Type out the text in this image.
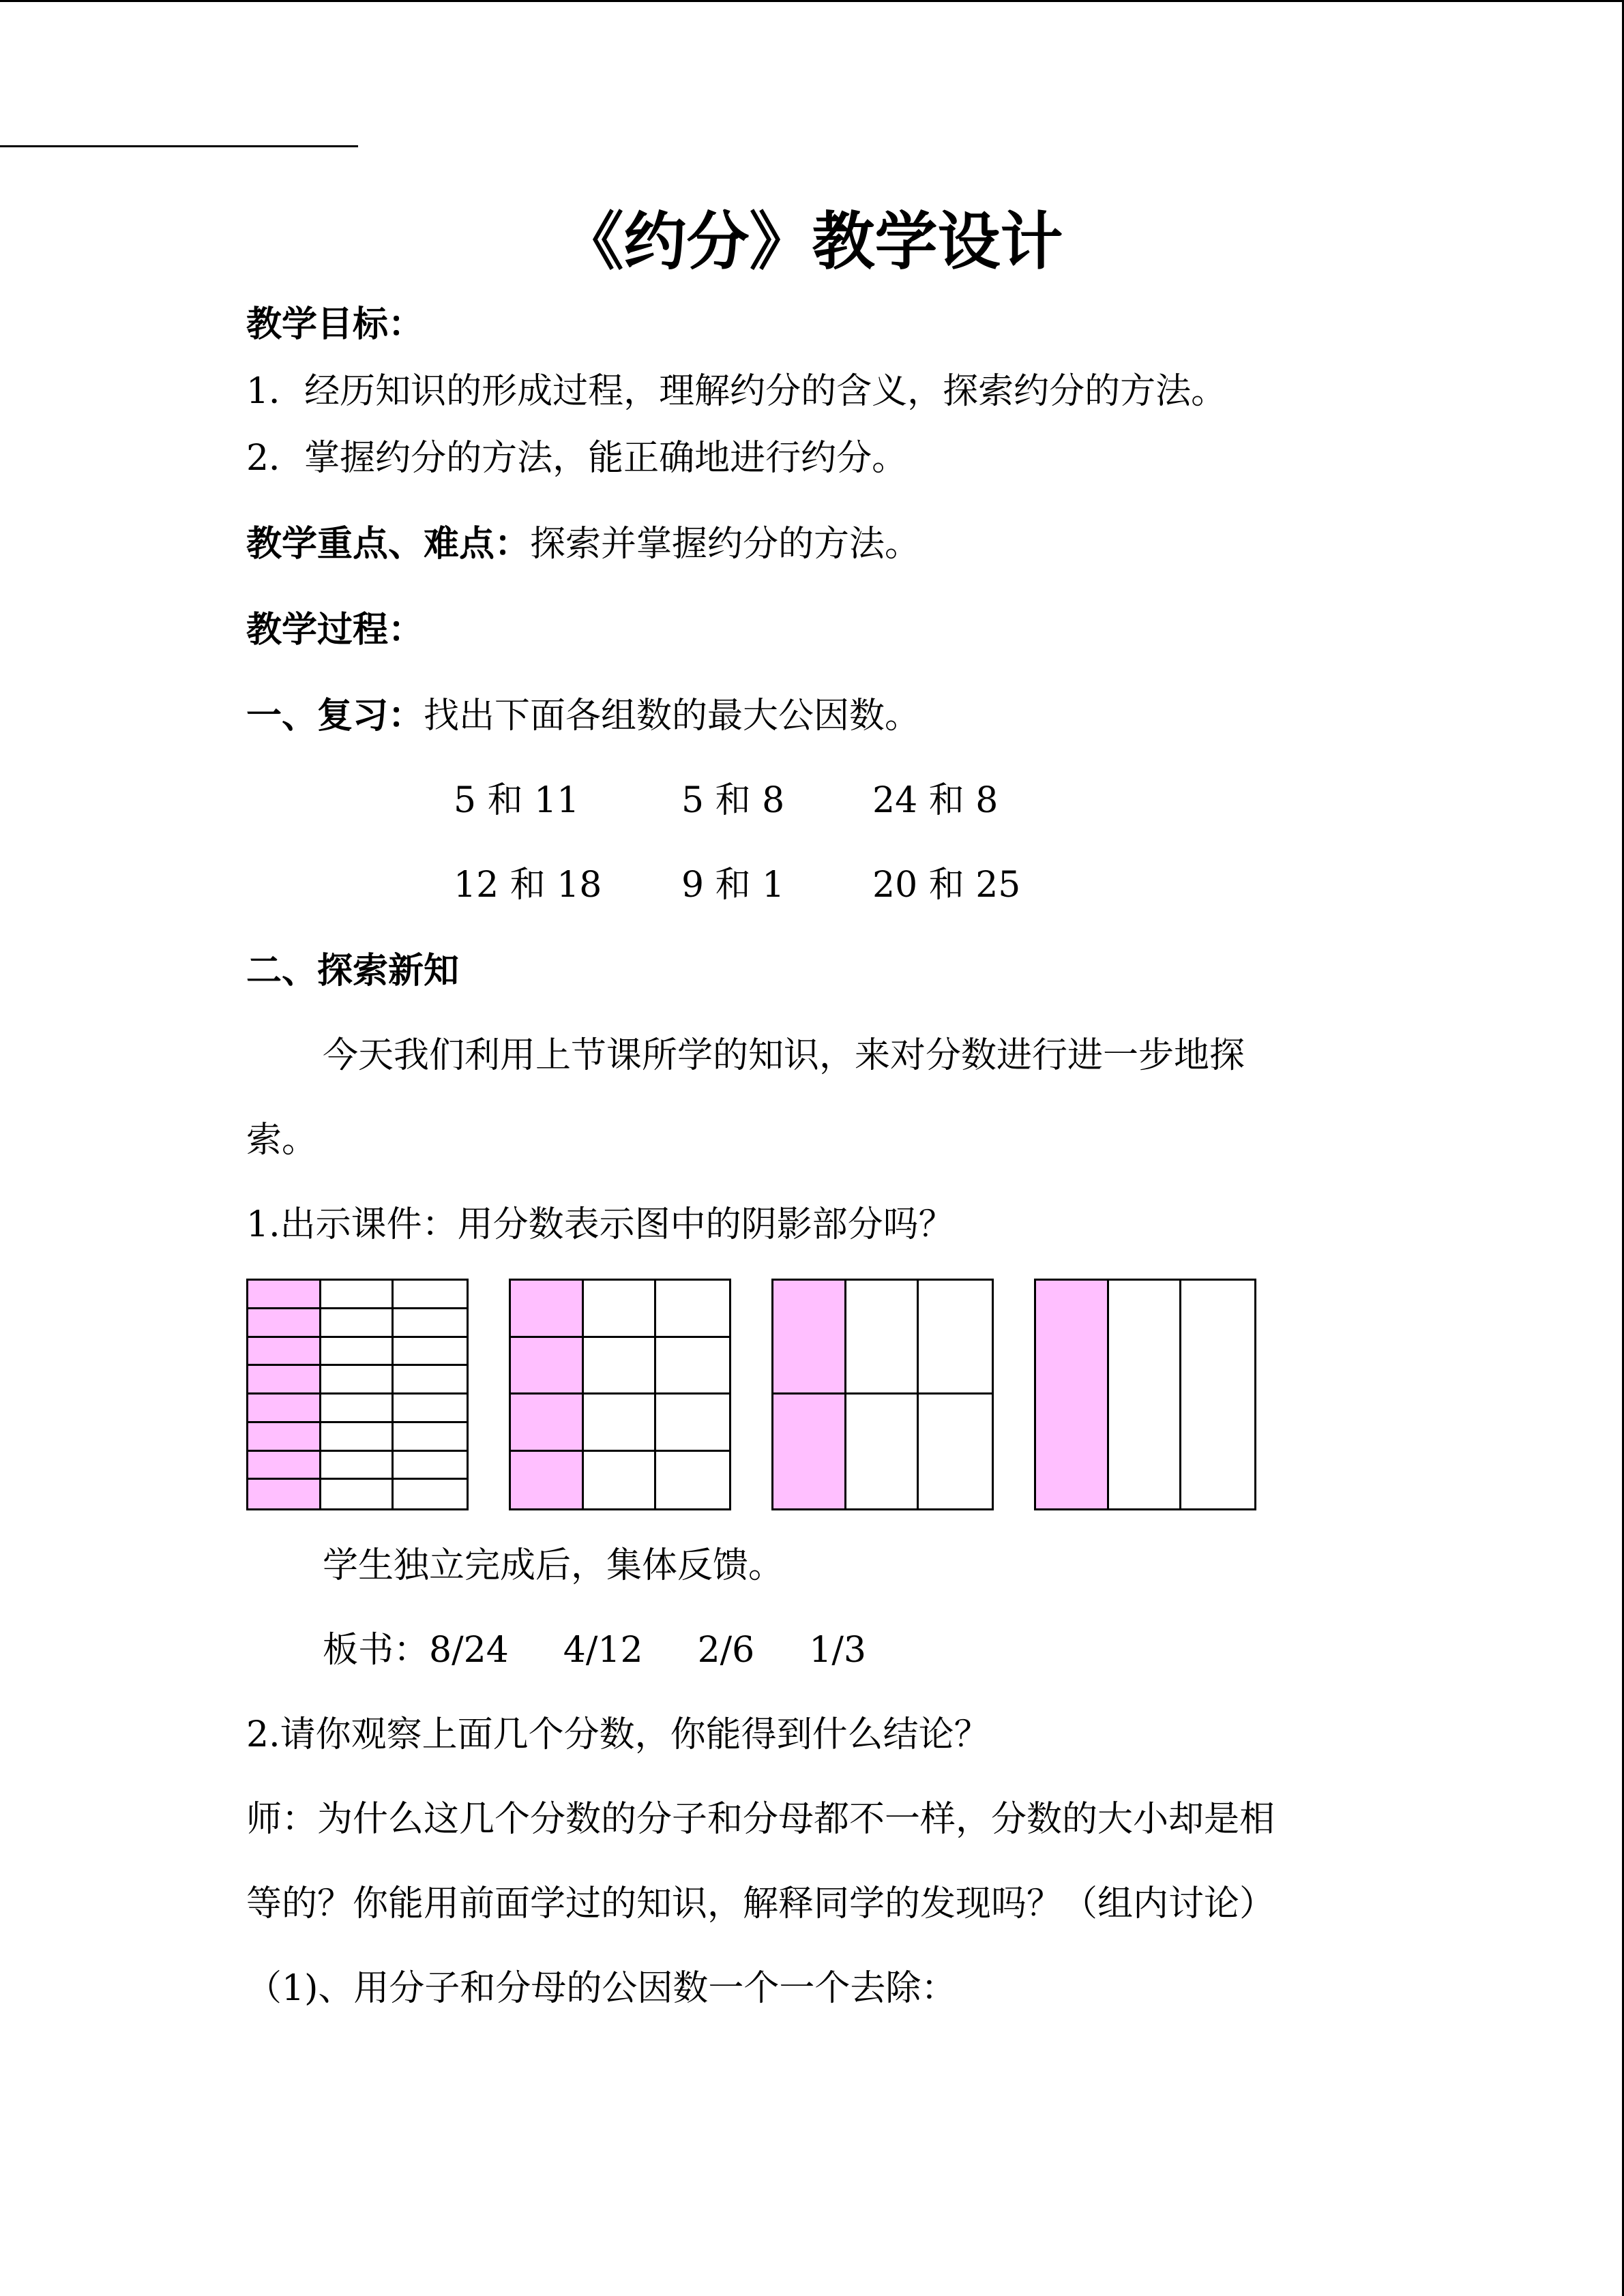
《约分》教学设计
教学目标：
1．经历知识的形成过程，理解约分的含义，探索约分的方法。
2．掌握约分的方法，能正确地进行约分。
教学重点、难点：探索并掌握约分的方法。
教学过程：
一、复习：找出下面各组数的最大公因数。
5 和 11	5 和 8 24 和 8
12 和 18 9 和 1 20 和 25
二、探索新知
今天我们利用上节课所学的知识，来对分数进行进一步地探
索。
1.出示课件：用分数表示图中的阴影部分吗？
学生独立完成后，集体反馈。
板书：8/24 4/12 2/6 1/3
2.请你观察上面几个分数，你能得到什么结论？
师：为什么这几个分数的分子和分母都不一样，分数的大小却是相
等的？你能用前面学过的知识，解释同学的发现吗？（组内讨论）
（1)、用分子和分母的公因数一个一个去除：
